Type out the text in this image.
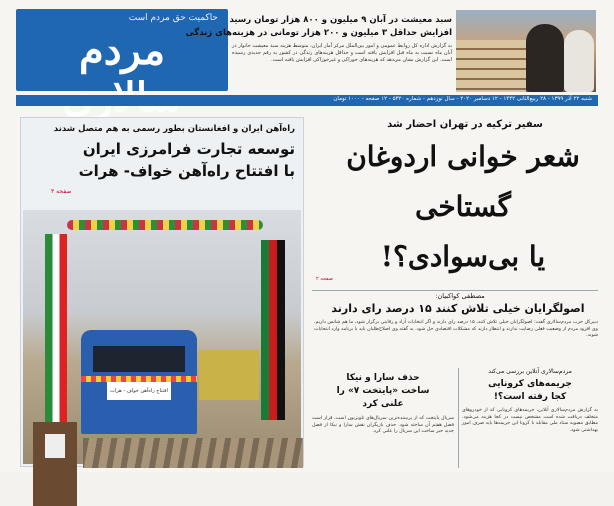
حاکمیت حق مردم است
مردم
سبد معیشت در آبان ۹ میلیون و ۸۰۰ هزار تومان رسید
افزایش حداقل ۳ میلیون و ۲۰۰ هزار تومانی در هزینه‌های زندگی
به گزارش اداره کل روابط عمومی و امور بین‌الملل مرکز آمار ایران، متوسط هزینه سبد معیشت خانوار در آبان ماه نسبت به ماه قبل افزایش یافته است و حداقل هزینه‌های زندگی در کشور به رقم جدیدی رسیده است. این گزارش نشان می‌دهد که هزینه‌های خوراکی و غیرخوراکی افزایش یافته است.
شنبه ۲۲ آذر ۱۳۹۹ - ۲۸ ربیع‌الثانی ۱۴۴۲ - ۱۲ دسامبر ۲۰۲۰ - سال نوزدهم - شماره ۵۳۲۰ - ۱۲ صفحه - ۱۰۰۰ تومان
راه‌آهن ایران و افغانستان بطور رسمی به هم متصل شدند
توسعه تجارت فرامرزی ایران
با افتتاح راه‌آهن خواف- هرات
صفحه ۳
افتتاح راه‌آهن خواف - هرات
سفیر ترکیه در تهران احضار شد
شعر خوانی اردوغان
گستاخی
یا بی‌سوادی؟!
صفحه ۲
مصطفی کواکبیان:
اصولگرایان خیلی تلاش کنند ۱۵ درصد رای دارند
دبیرکل حزب مردم‌سالاری گفت: اصولگرایان خیلی تلاش کنند، ۱۵ درصد رای دارند و اگر انتخابات آزاد و رقابتی برگزار شود، ما هم شانس داریم. وی افزود مردم از وضعیت فعلی رضایت ندارند و انتظار دارند که مشکلات اقتصادی حل شود. به گفته وی اصلاح‌طلبان باید با برنامه وارد انتخابات شوند.
حذف سارا و نیکا
ساخت «پایتخت ۷» را
علنی کرد
سریال پایتخت که از پربیننده‌ترین سریال‌های تلویزیون است، قرار است فصل هفتم آن ساخته شود. حذف بازیگران نقش سارا و نیکا از فصل جدید خبر ساخت این سریال را علنی کرد.
مردم‌سالاری آنلاین بررسی می‌کند
جریمه‌های کرونایی
کجا رفته است؟!
به گزارش مردم‌سالاری آنلاین، جریمه‌های کرونایی که از خودروهای متخلف دریافت شده است مشخص نیست در کجا هزینه می‌شود. مطابق مصوبه ستاد ملی مقابله با کرونا این جریمه‌ها باید صرف امور بهداشتی شود.
